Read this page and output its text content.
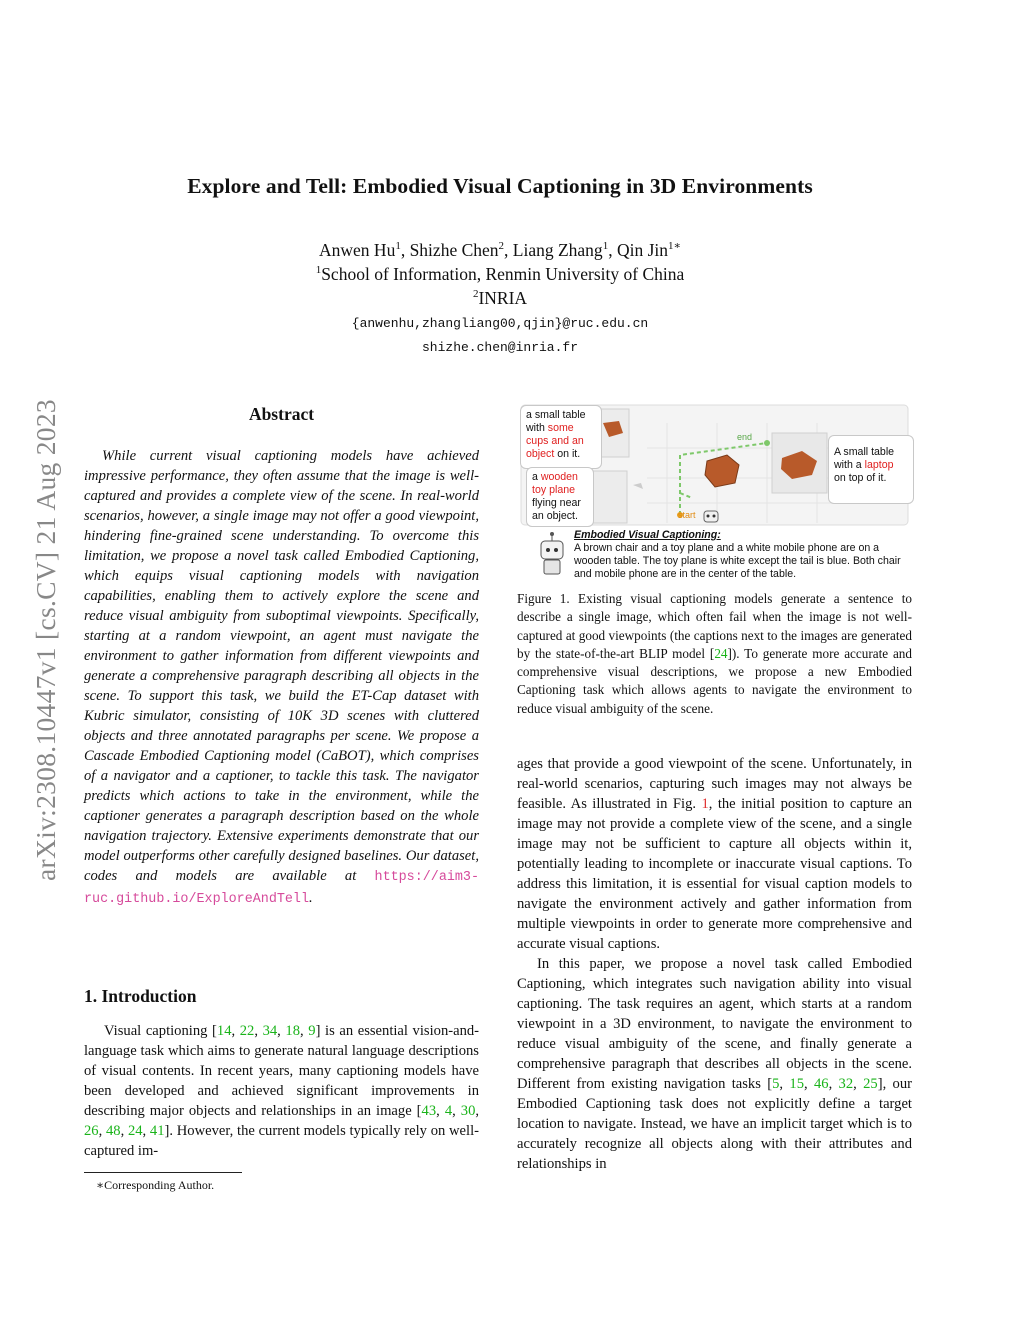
Explore and Tell: Embodied Visual Captioning in 3D Environments
Anwen Hu$^1$, Shizhe Chen$^2$, Liang Zhang$^1$, Qin Jin$^{1∗}$
$^1$School of Information, Renmin University of China
$^2$INRIA
{anwenhu,zhangliang00,qjin}@ruc.edu.cn
shizhe.chen@inria.fr
arXiv:2308.10447v1 [cs.CV] 21 Aug 2023	Abstract

While current visual captioning models have achieved impressive performance, they often assume that the image is well-captured and provides a complete view of the scene. In real-world scenarios, however, a single image may not offer a good viewpoint, hindering fine-grained scene understanding. To overcome this limitation, we propose a novel task called Embodied Captioning, which equips visual captioning models with navigation capabilities, enabling them to actively explore the scene and reduce visual ambiguity from suboptimal viewpoints. Specifically, starting at a random viewpoint, an agent must navigate the environment to gather information from different viewpoints and generate a comprehensive paragraph describing all objects in the scene. To support this task, we build the ET-Cap dataset with Kubric simulator, consisting of 10K 3D scenes with cluttered objects and three annotated paragraphs per scene. We propose a Cascade Embodied Captioning model (CaBOT), which comprises of a navigator and a captioner, to tackle this task. The navigator predicts which actions to take in the environment, while the captioner generates a paragraph description based on the whole navigation trajectory. Extensive experiments demonstrate that our model outperforms other carefully designed baselines. Our dataset, codes and models are available at https://aim3-ruc.github.io/ExploreAndTell.

1. Introduction

Visual captioning [14, 22, 34, 18, 9] is an essential vision-and-language task which aims to generate natural language descriptions of visual contents. In recent years, many captioning models have been developed and achieved significant improvements in describing major objects and relationships in an image [43, 4, 30, 26, 48, 24, 41]. However, the current models typically rely on well-captured im-

∗Corresponding Author.
a small table with some cups and an object on it.
a wooden toy plane flying near an object.
A small table with a laptop on top of it.
end
start
Embodied Visual Captioning:
A brown chair and a toy plane and a white mobile phone are on a wooden table. The toy plane is white except the tail is blue. Both chair and mobile phone are in the center of the table.

Figure 1. Existing visual captioning models generate a sentence to describe a single image, which often fail when the image is not well-captured at good viewpoints (the captions next to the images are generated by the state-of-the-art BLIP model [24]). To generate more accurate and comprehensive visual descriptions, we propose a new Embodied Captioning task which allows agents to navigate the environment to reduce visual ambiguity of the scene.

ages that provide a good viewpoint of the scene. Unfortunately, in real-world scenarios, capturing such images may not always be feasible. As illustrated in Fig. 1, the initial position to capture an image may not provide a complete view of the scene, and a single image may not be sufficient to capture all objects within it, potentially leading to incomplete or inaccurate visual captions. To address this limitation, it is essential for visual caption models to navigate the environment actively and gather information from multiple viewpoints in order to generate more comprehensive and accurate visual captions.

In this paper, we propose a novel task called Embodied Captioning, which integrates such navigation ability into visual captioning. The task requires an agent, which starts at a random viewpoint in a 3D environment, to navigate the environment to reduce visual ambiguity of the scene, and finally generate a comprehensive paragraph that describes all objects in the scene. Different from existing navigation tasks [5, 15, 46, 32, 25], our Embodied Captioning task does not explicitly define a target location to navigate. Instead, we have an implicit target which is to accurately recognize all objects along with their attributes and relationships in
